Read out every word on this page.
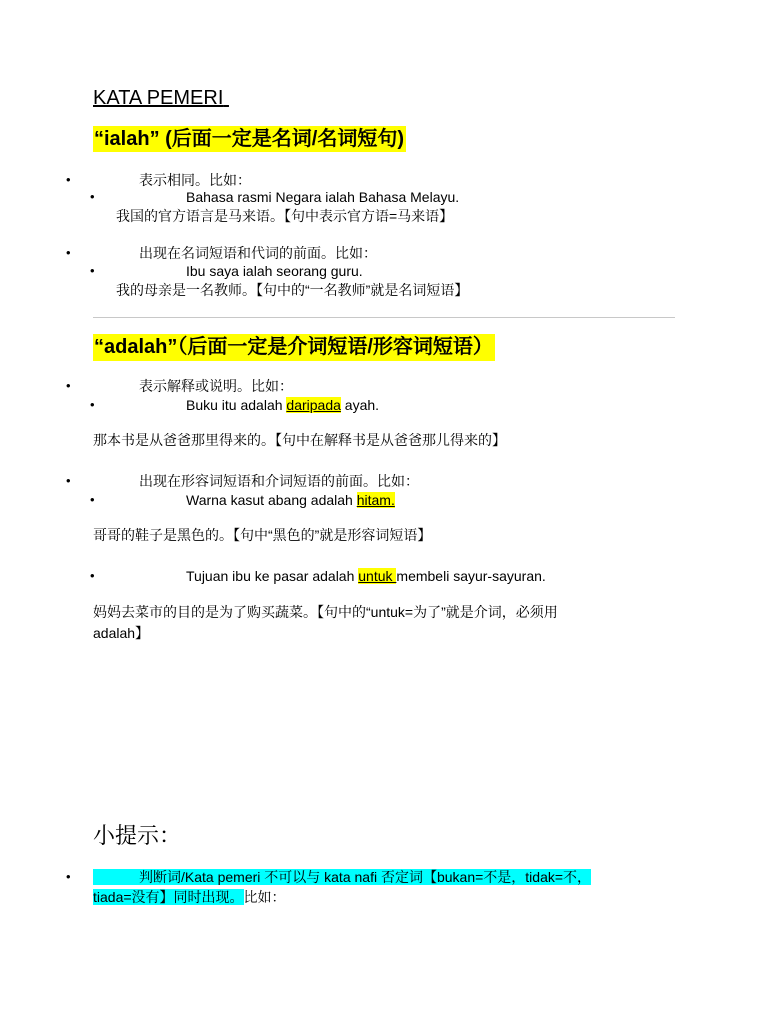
KATA PEMERI
“ialah” (后面一定是名词/名词短句)
•	表示相同。比如：
•	Bahasa rasmi Negara ialah Bahasa Melayu.
我国的官方语言是马来语。【句中表示官方语=马来语】
•	出现在名词短语和代词的前面。比如：
•	Ibu saya ialah seorang guru.
我的母亲是一名教师。【句中的“一名教师”就是名词短语】
“adalah”（后面一定是介词短语/形容词短语）
•	表示解释或说明。比如：
•	Buku itu adalah daripada ayah.
那本书是从爸爸那里得来的。【句中在解释书是从爸爸那儿得来的】
•	出现在形容词短语和介词短语的前面。比如：
•	Warna kasut abang adalah hitam.
哥哥的鞋子是黑色的。【句中“黑色的”就是形容词短语】
•	Tujuan ibu ke pasar adalah untuk membeli sayur-sayuran.
妈妈去菜市的目的是为了购买蔬菜。【句中的“untuk=为了”就是介词，必须用
adalah】
小提示：
•	判断词/Kata pemeri 不可以与 kata nafi 否定词【bukan=不是，tidak=不，
tiada=没有】同时出现。比如：
